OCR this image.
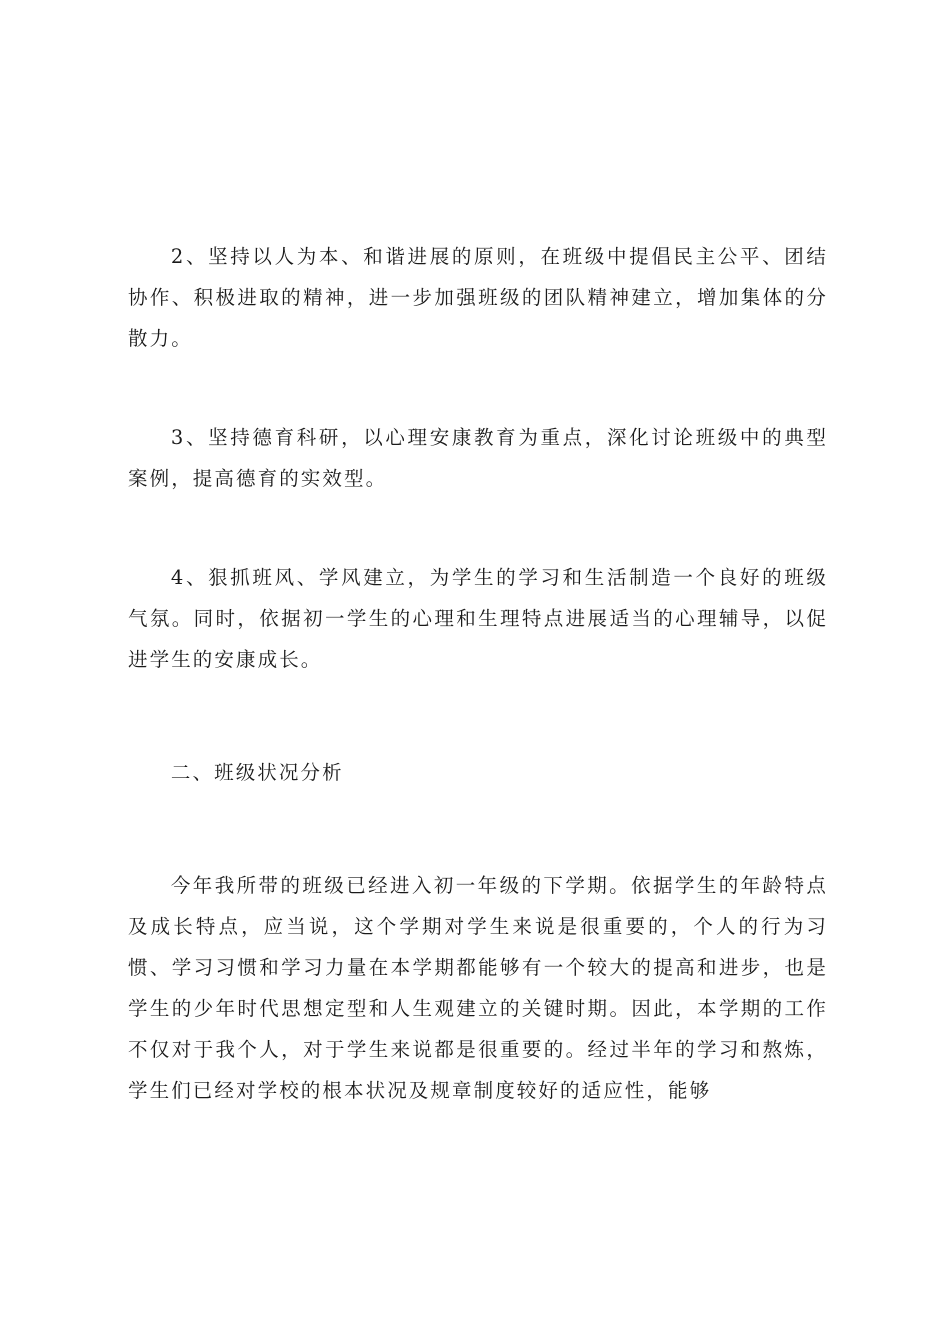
2、坚持以人为本、和谐进展的原则，在班级中提倡民主公平、团结协作、积极进取的精神，进一步加强班级的团队精神建立，增加集体的分散力。

3、坚持德育科研，以心理安康教育为重点，深化讨论班级中的典型案例，提高德育的实效型。

4、狠抓班风、学风建立，为学生的学习和生活制造一个良好的班级气氛。同时，依据初一学生的心理和生理特点进展适当的心理辅导，以促进学生的安康成长。

二、班级状况分析

今年我所带的班级已经进入初一年级的下学期。依据学生的年龄特点及成长特点，应当说，这个学期对学生来说是很重要的，个人的行为习惯、学习习惯和学习力量在本学期都能够有一个较大的提高和进步，也是学生的少年时代思想定型和人生观建立的关键时期。因此，本学期的工作不仅对于我个人，对于学生来说都是很重要的。经过半年的学习和熬炼，学生们已经对学校的根本状况及规章制度较好的适应性，能够
